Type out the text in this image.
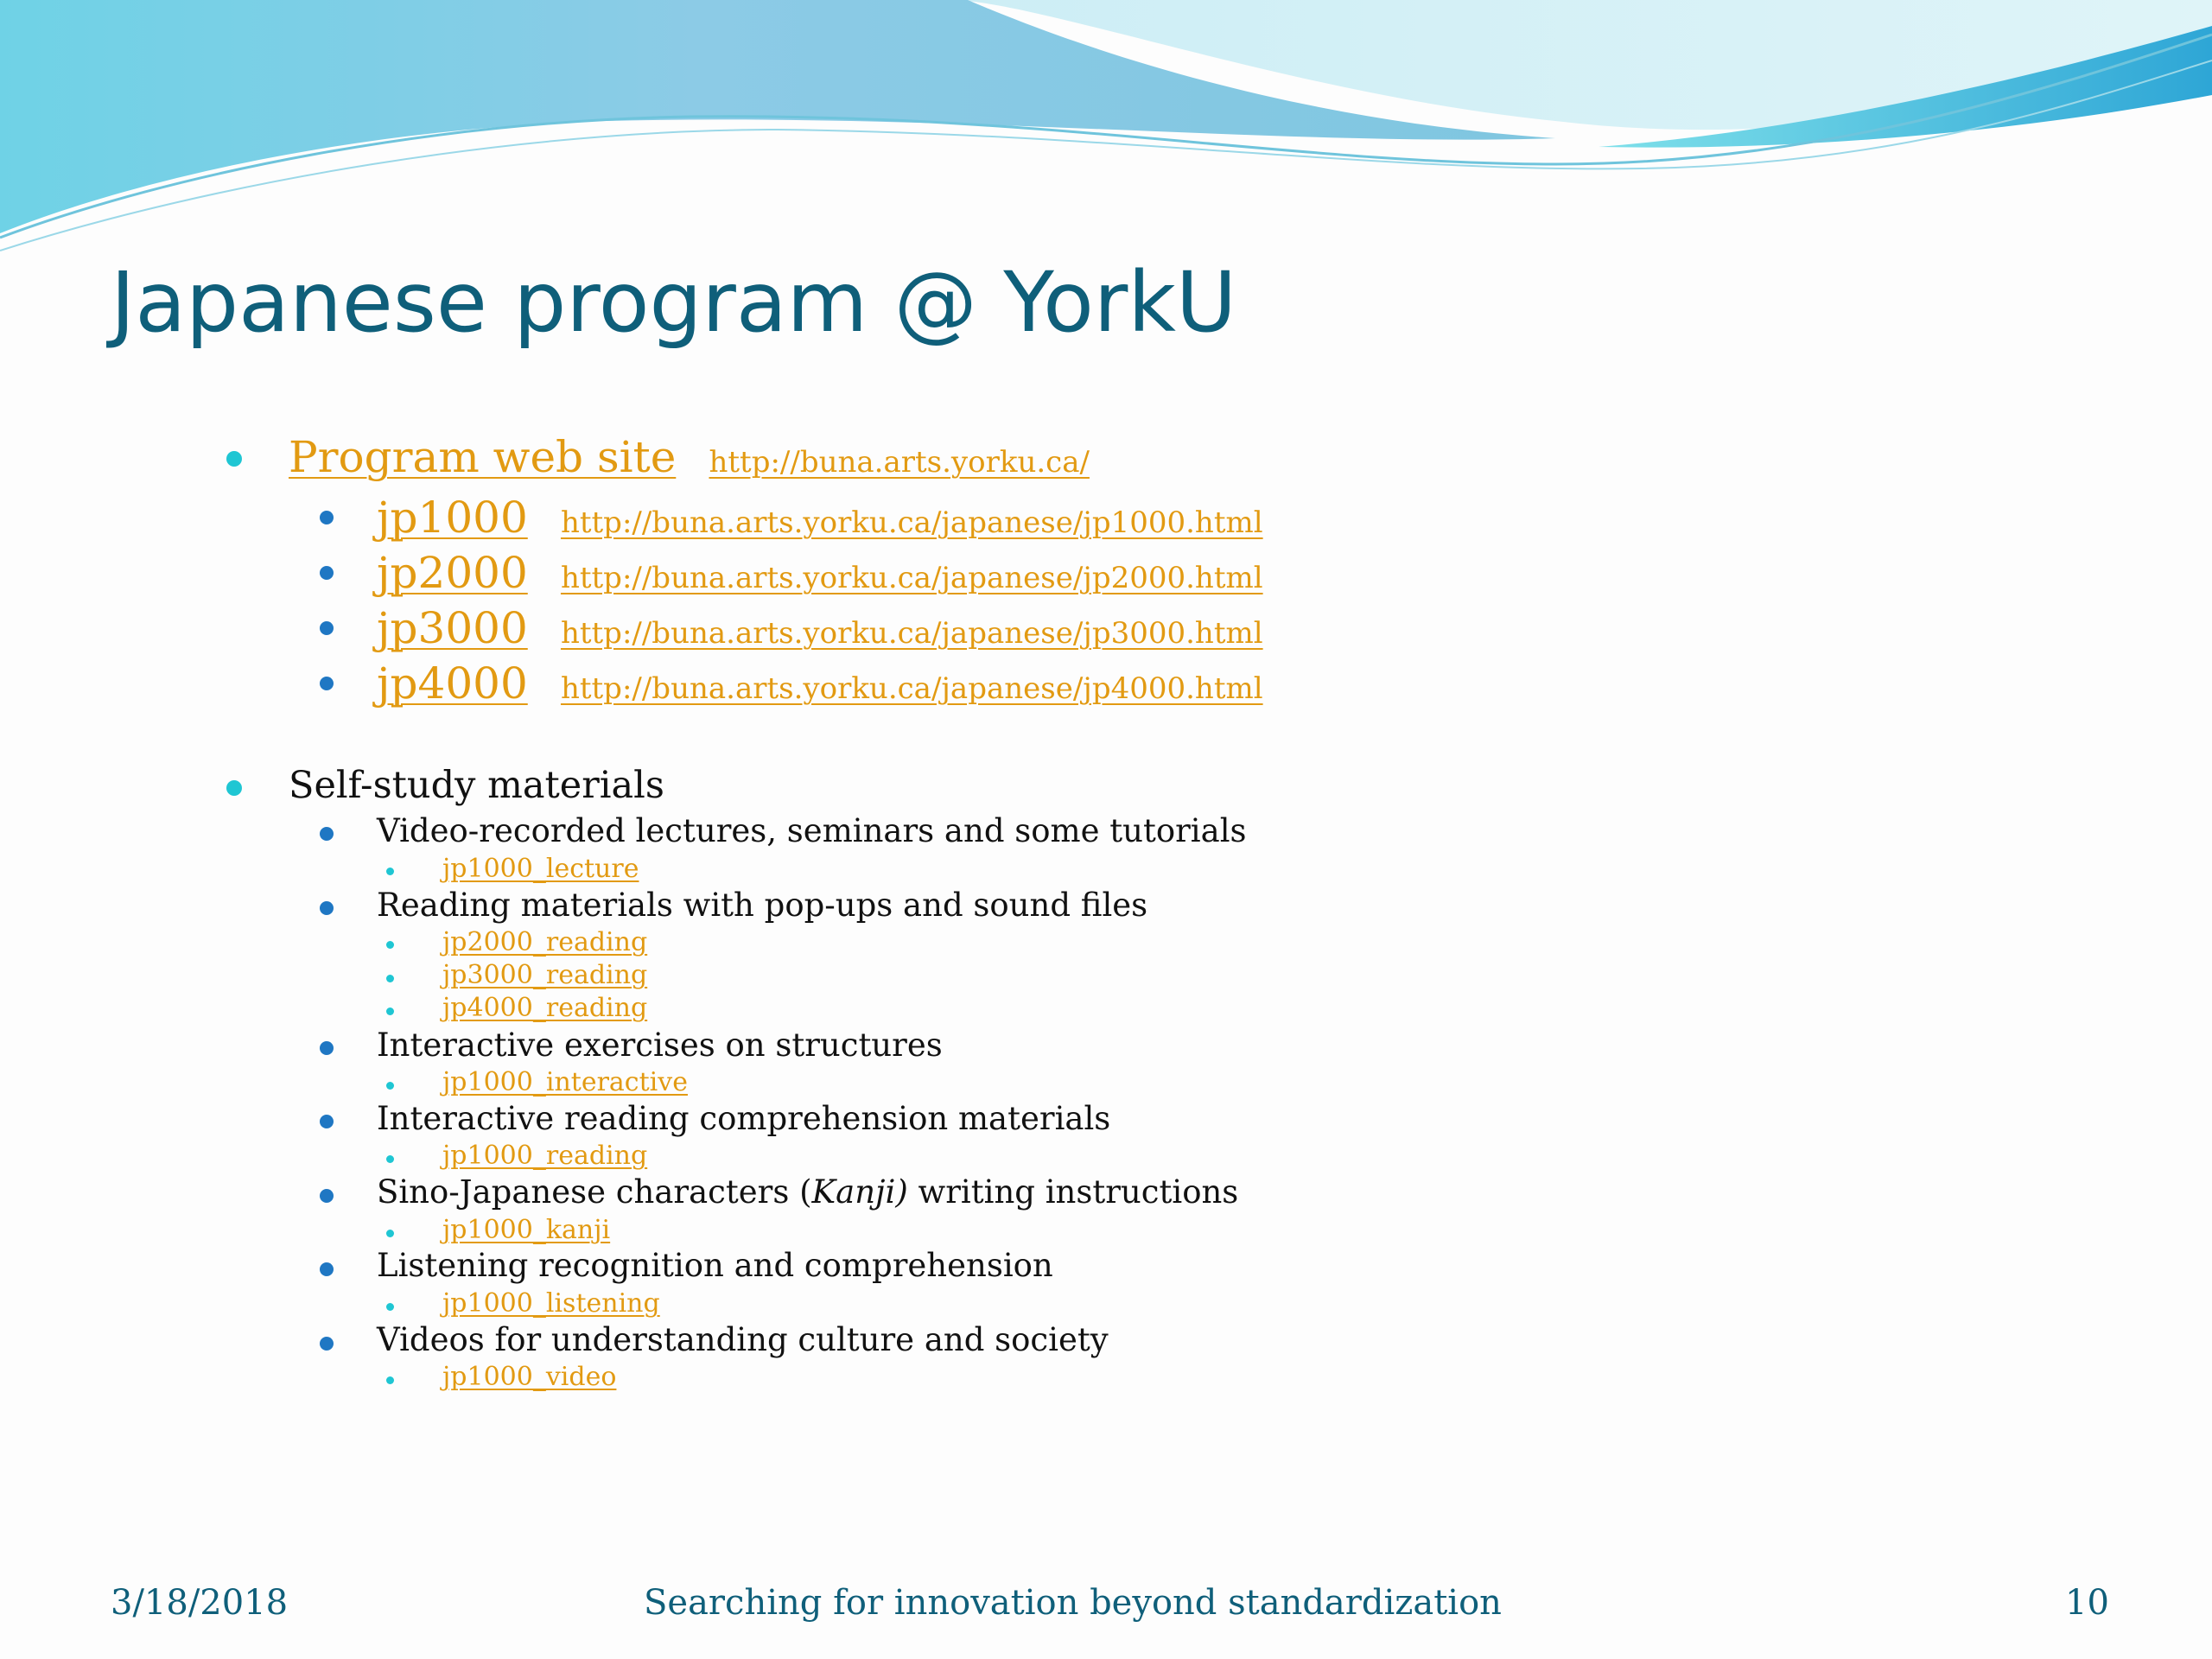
Japanese program @ YorkU
Program web site http://buna.arts.yorku.ca/
jp1000 http://buna.arts.yorku.ca/japanese/jp1000.html
jp2000 http://buna.arts.yorku.ca/japanese/jp2000.html
jp3000 http://buna.arts.yorku.ca/japanese/jp3000.html
jp4000 http://buna.arts.yorku.ca/japanese/jp4000.html
Self-study materials
Video-recorded lectures, seminars and some tutorials
jp1000_lecture
Reading materials with pop-ups and sound files
jp2000_reading
jp3000_reading
jp4000_reading
Interactive exercises on structures
jp1000_interactive
Interactive reading comprehension materials
jp1000_reading
Sino-Japanese characters (Kanji) writing instructions
jp1000_kanji
Listening recognition and comprehension
jp1000_listening
Videos for understanding culture and society
jp1000_video
3/18/2018	Searching for innovation beyond standardization	10
